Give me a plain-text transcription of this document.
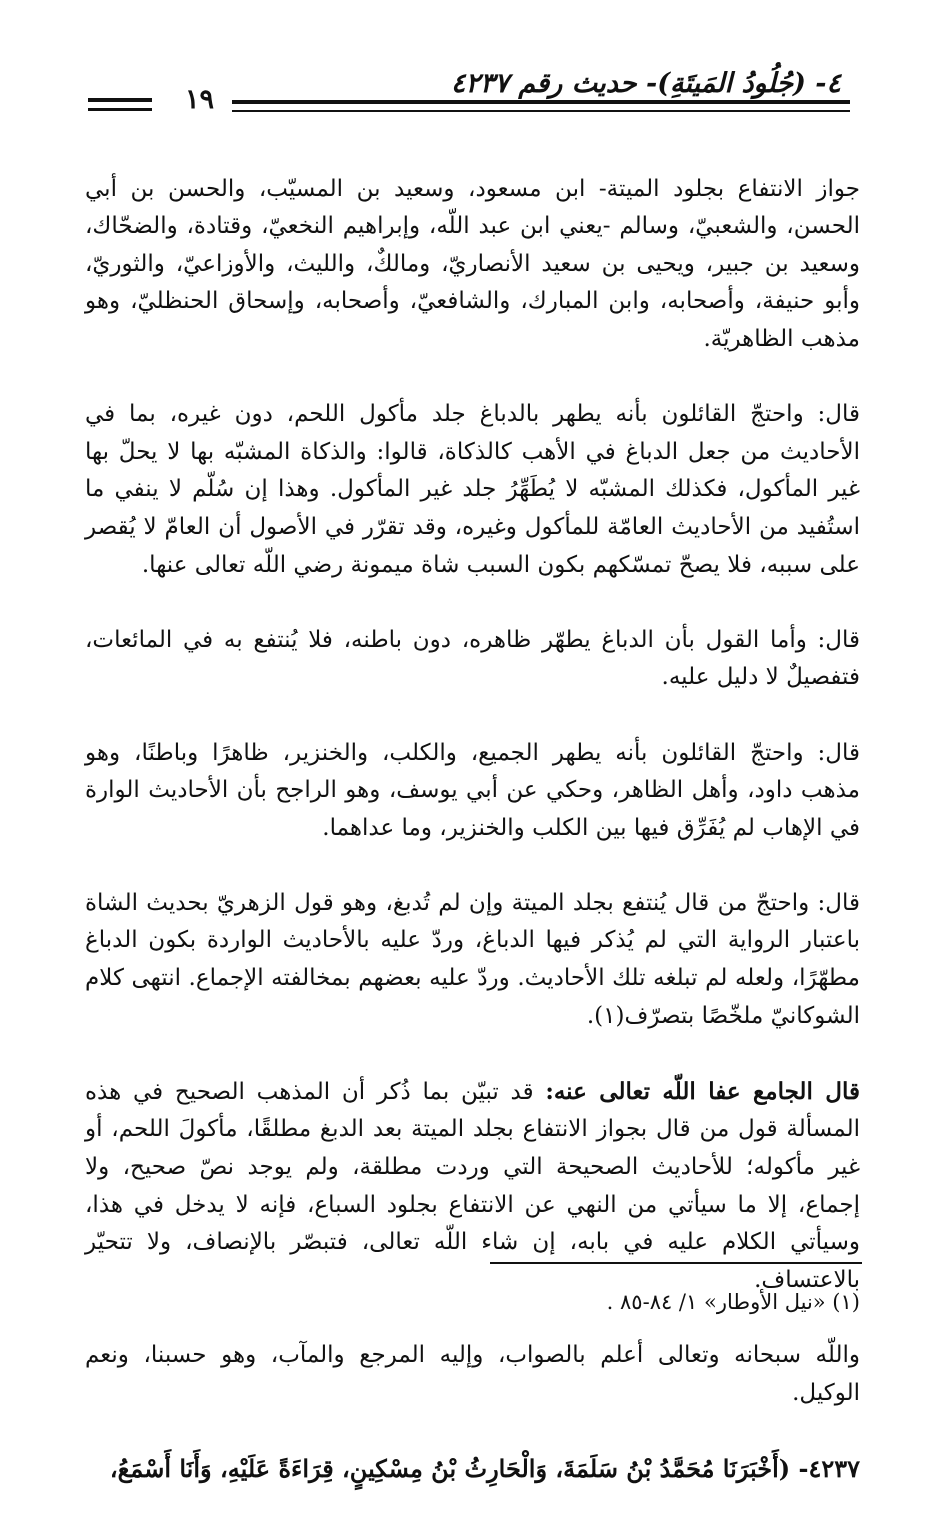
٤- (جُلُودُ المَيتَةِ)- حديث رقم ٤٢٣٧
١٩

جواز الانتفاع بجلود الميتة- ابن مسعود، وسعيد بن المسيّب، والحسن بن أبي الحسن، والشعبيّ، وسالم -يعني ابن عبد اللّه، وإبراهيم النخعيّ، وقتادة، والضحّاك، وسعيد بن جبير، ويحيى بن سعيد الأنصاريّ، ومالكٌ، والليث، والأوزاعيّ، والثوريّ، وأبو حنيفة، وأصحابه، وابن المبارك، والشافعيّ، وأصحابه، وإسحاق الحنظليّ، وهو مذهب الظاهريّة.

قال: واحتجّ القائلون بأنه يطهر بالدباغ جلد مأكول اللحم، دون غيره، بما في الأحاديث من جعل الدباغ في الأهب كالذكاة، قالوا: والذكاة المشبّه بها لا يحلّ بها غير المأكول، فكذلك المشبّه لا يُطَهِّرُ جلد غير المأكول. وهذا إن سُلّم لا ينفي ما استُفيد من الأحاديث العامّة للمأكول وغيره، وقد تقرّر في الأصول أن العامّ لا يُقصر على سببه، فلا يصحّ تمسّكهم بكون السبب شاة ميمونة رضي اللّه تعالى عنها.

قال: وأما القول بأن الدباغ يطهّر ظاهره، دون باطنه، فلا يُنتفع به في المائعات، فتفصيلٌ لا دليل عليه.

قال: واحتجّ القائلون بأنه يطهر الجميع، والكلب، والخنزير، ظاهرًا وباطنًا، وهو مذهب داود، وأهل الظاهر، وحكي عن أبي يوسف، وهو الراجح بأن الأحاديث الوارة في الإهاب لم يُفَرِّق فيها بين الكلب والخنزير، وما عداهما.

قال: واحتجّ من قال يُنتفع بجلد الميتة وإن لم تُدبغ، وهو قول الزهريّ بحديث الشاة باعتبار الرواية التي لم يُذكر فيها الدباغ، وردّ عليه بالأحاديث الواردة بكون الدباغ مطهّرًا، ولعله لم تبلغه تلك الأحاديث. وردّ عليه بعضهم بمخالفته الإجماع. انتهى كلام الشوكانيّ ملخّصًا بتصرّف(١).

قال الجامع عفا اللّه تعالى عنه: قد تبيّن بما ذُكر أن المذهب الصحيح في هذه المسألة قول من قال بجواز الانتفاع بجلد الميتة بعد الدبغ مطلقًا، مأكولَ اللحم، أو غير مأكوله؛ للأحاديث الصحيحة التي وردت مطلقة، ولم يوجد نصّ صحيح، ولا إجماع، إلا ما سيأتي من النهي عن الانتفاع بجلود السباع، فإنه لا يدخل في هذا، وسيأتي الكلام عليه في بابه، إن شاء اللّه تعالى، فتبصّر بالإنصاف، ولا تتحيّر بالاعتساف.

واللّه سبحانه وتعالى أعلم بالصواب، وإليه المرجع والمآب، وهو حسبنا، ونعم الوكيل.

٤٢٣٧- (أَخْبَرَنَا مُحَمَّدُ بْنُ سَلَمَةَ، وَالْحَارِثُ بْنُ مِسْكِينٍ، قِرَاءَةً عَلَيْهِ، وَأَنَا أَسْمَعُ،

(١) «نيل الأوطار» ١/ ٨٤-٨٥ .
